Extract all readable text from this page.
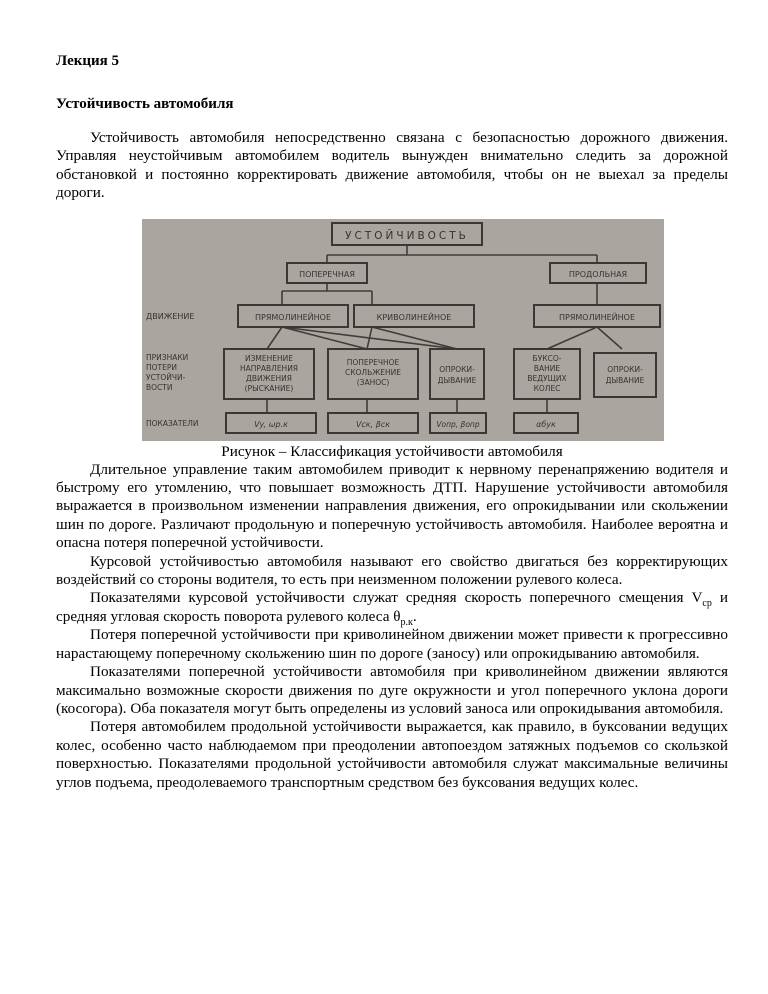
Лекция 5
Устойчивость автомобиля

Устойчивость автомобиля непосредственно связана с безопасностью дорожного движения. Управляя неустойчивым автомобилем водитель вынужден внимательно следить за дорожной обстановкой и постоянно корректировать движение автомобиля, чтобы он не выехал за пределы дороги.

УСТОЙЧИВОСТЬ
ПОПЕРЕЧНАЯ	ПРОДОЛЬНАЯ
ДВИЖЕНИЕ
ПРИЗНАКИ
ПОТЕРИ
УСТОЙЧИ-
ВОСТИ
ПОКАЗАТЕЛИ
ПРЯМОЛИНЕЙНОЕ	КРИВОЛИНЕЙНОЕ	ПРЯМОЛИНЕЙНОЕ
ИЗМЕНЕНИЕ
НАПРАВЛЕНИЯ
ДВИЖЕНИЯ
(РЫСКАНИЕ)
ПОПЕРЕЧНОЕ
СКОЛЬЖЕНИЕ
(ЗАНОС)
ОПРОКИ-
ДЫВАНИЕ
БУКСО-
ВАНИЕ
ВЕДУЩИХ
КОЛЕС
ОПРОКИ-
ДЫВАНИЕ
Vy, ωр.к	Vск, βск	Vопр, βопр	αбук
Рисунок – Классификация устойчивости автомобиля

Длительное управление таким автомобилем приводит к нервному перенапряжению водителя и быстрому его утомлению, что повышает возможность ДТП. Нарушение устойчивости автомобиля выражается в произвольном изменении направления движения, его опрокидывании или скольжении шин по дороге. Различают продольную и поперечную устойчивость автомобиля. Наиболее вероятна и опасна потеря поперечной устойчивости.

Курсовой устойчивостью автомобиля называют его свойство двигаться без корректирующих воздействий со стороны водителя, то есть при неизменном положении рулевого колеса.

Показателями курсовой устойчивости служат средняя скорость поперечного смещения $V_{ср}$ и средняя угловая скорость поворота рулевого колеса $\theta_{р.к}$.

Потеря поперечной устойчивости при криволинейном движении может привести к прогрессивно нарастающему поперечному скольжению шин по дороге (заносу) или опрокидыванию автомобиля.

Показателями поперечной устойчивости автомобиля при криволинейном движении являются максимально возможные скорости движения по дуге окружности и угол поперечного уклона дороги (косогора). Оба показателя могут быть определены из условий заноса или опрокидывания автомобиля.

Потеря автомобилем продольной устойчивости выражается, как правило, в буксовании ведущих колес, особенно часто наблюдаемом при преодолении автопоездом затяжных подъемов со скользкой поверхностью. Показателями продольной устойчивости автомобиля служат максимальные величины углов подъема, преодолеваемого транспортным средством без буксования ведущих колес.
